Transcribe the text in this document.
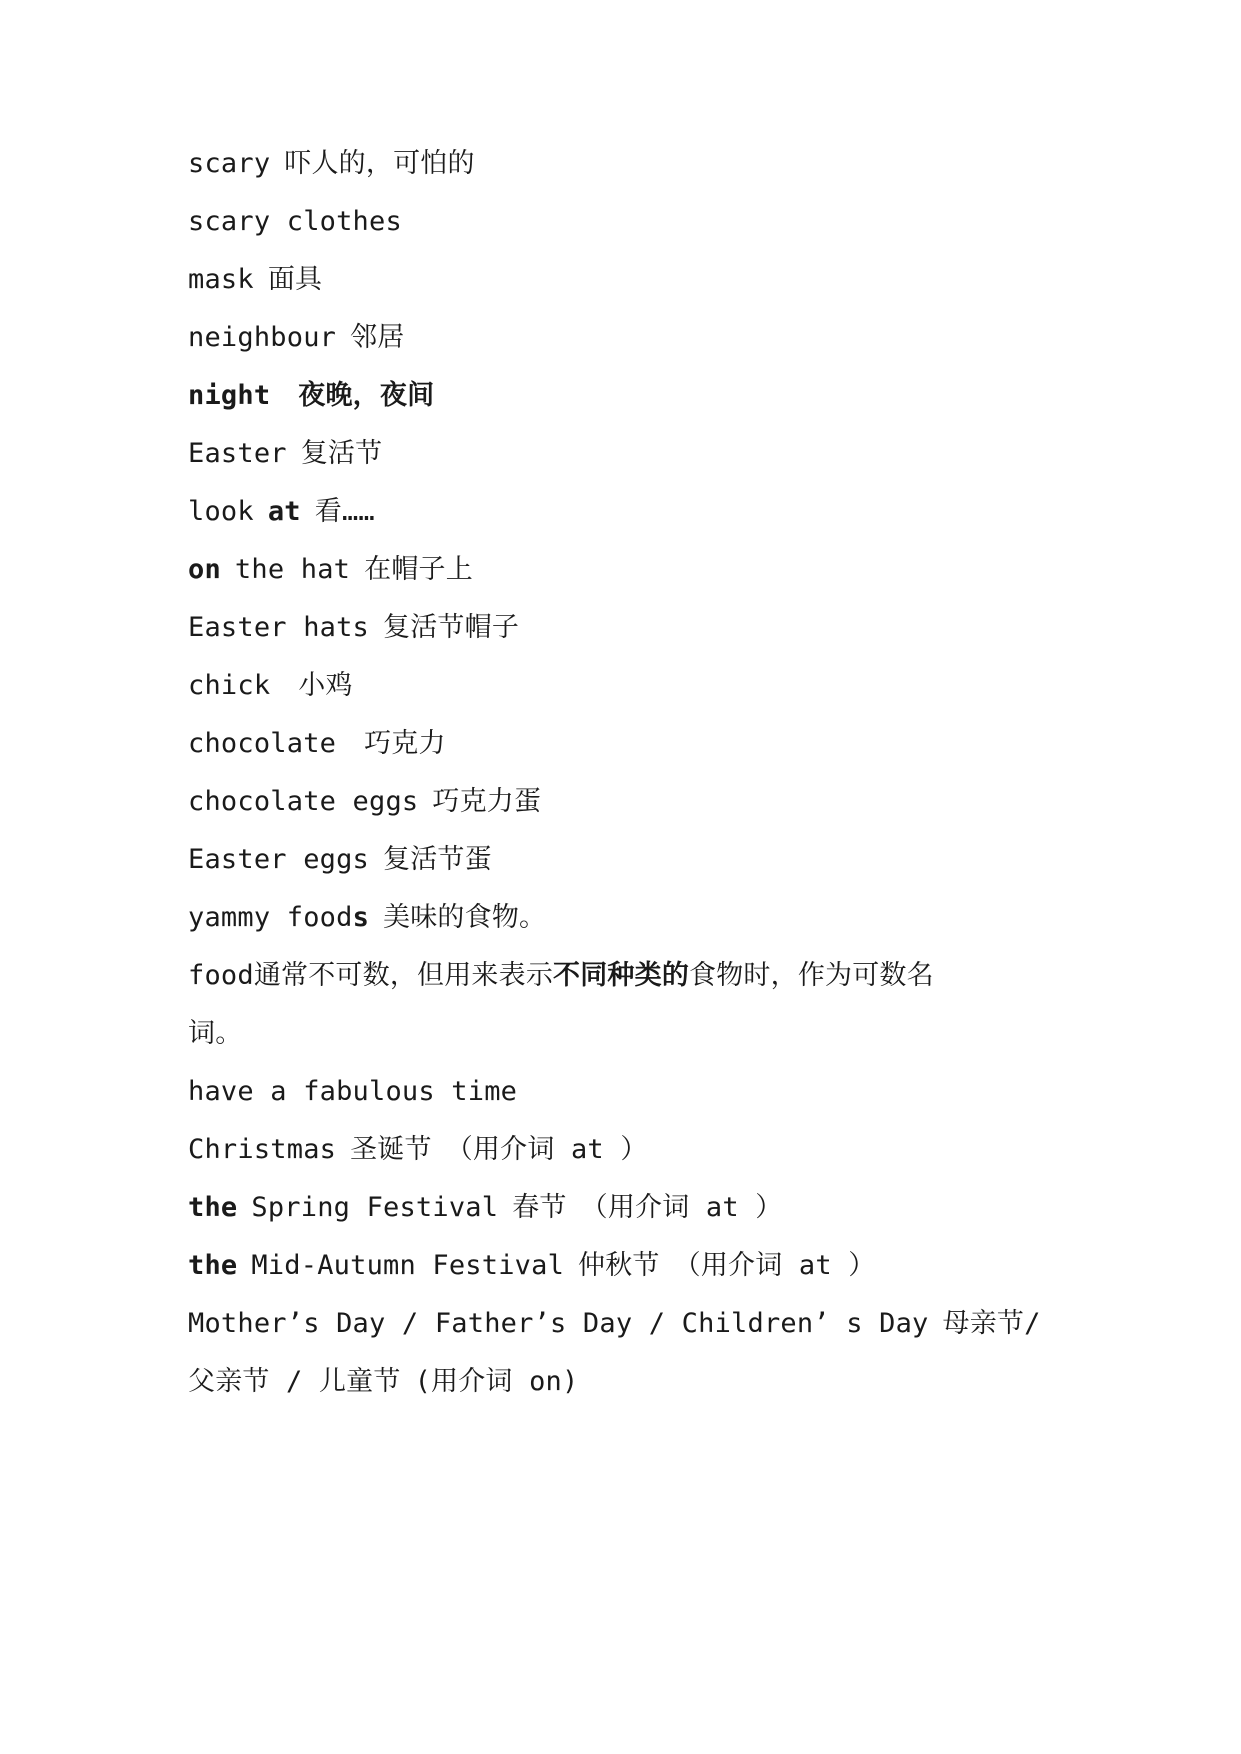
scary 吓人的，可怕的
scary clothes
mask 面具
neighbour 邻居
night 夜晚，夜间
Easter 复活节
look at 看……
on the hat 在帽子上
Easter hats 复活节帽子
chick 小鸡
chocolate 巧克力
chocolate eggs 巧克力蛋
Easter eggs 复活节蛋
yammy foods 美味的食物。
food通常不可数，但用来表示不同种类的食物时，作为可数名
词。
have a fabulous time
Christmas 圣诞节 （用介词 at ）
the Spring Festival 春节 （用介词 at ）
the Mid-Autumn Festival 仲秋节 （用介词 at ）
Mother’s Day / Father’s Day / Children’ s Day 母亲节/
父亲节 / 儿童节 (用介词 on)
